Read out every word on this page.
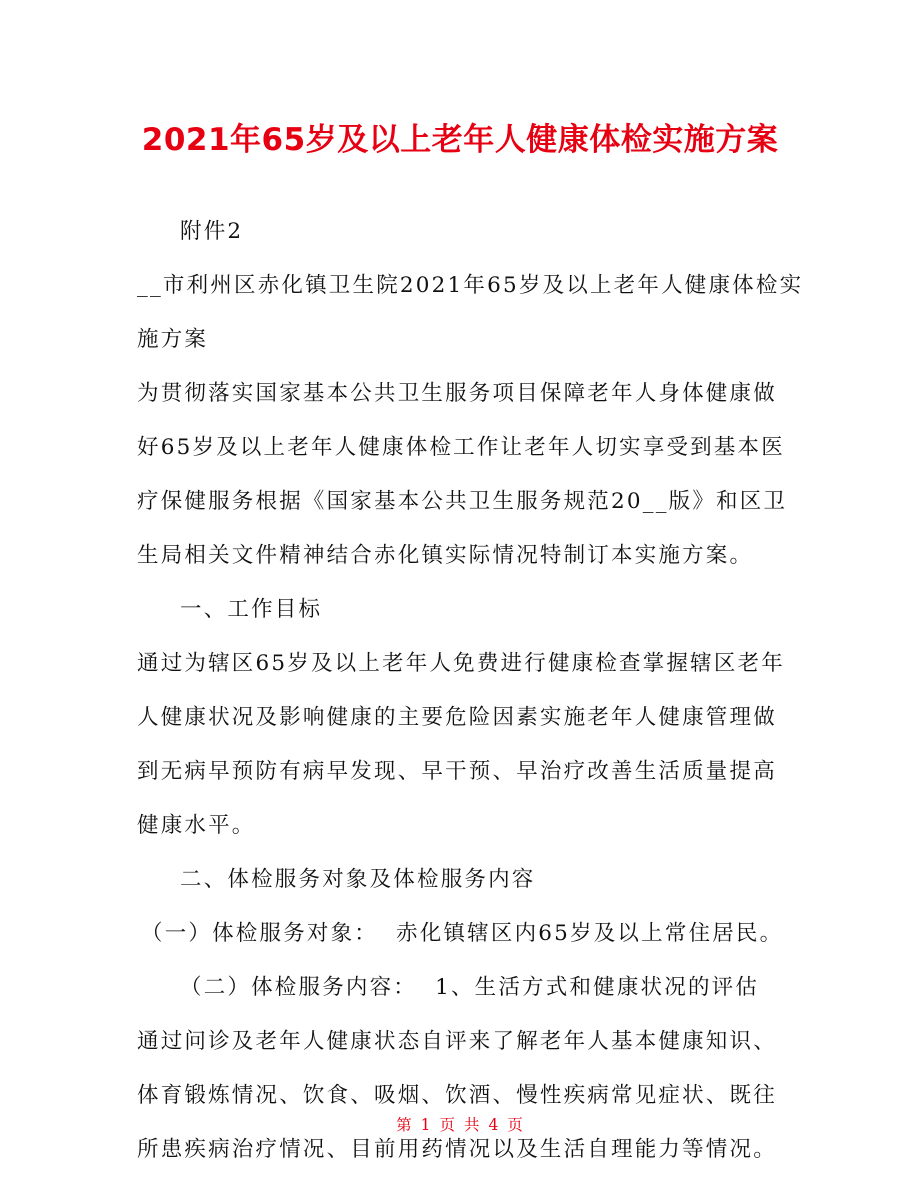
2021年65岁及以上老年人健康体检实施方案

附件2

__市利州区赤化镇卫生院2021年65岁及以上老年人健康体检实

施方案

为贯彻落实国家基本公共卫生服务项目保障老年人身体健康做

好65岁及以上老年人健康体检工作让老年人切实享受到基本医

疗保健服务根据《国家基本公共卫生服务规范20__版》和区卫

生局相关文件精神结合赤化镇实际情况特制订本实施方案。

一、工作目标

通过为辖区65岁及以上老年人免费进行健康检查掌握辖区老年

人健康状况及影响健康的主要危险因素实施老年人健康管理做

到无病早预防有病早发现、早干预、早治疗改善生活质量提高

健康水平。

二、体检服务对象及体检服务内容

（一）体检服务对象：  赤化镇辖区内65岁及以上常住居民。

（二）体检服务内容：  1、生活方式和健康状况的评估

通过问诊及老年人健康状态自评来了解老年人基本健康知识、

体育锻炼情况、饮食、吸烟、饮酒、慢性疾病常见症状、既往

所患疾病治疗情况、目前用药情况以及生活自理能力等情况。

第 1 页 共 4 页
